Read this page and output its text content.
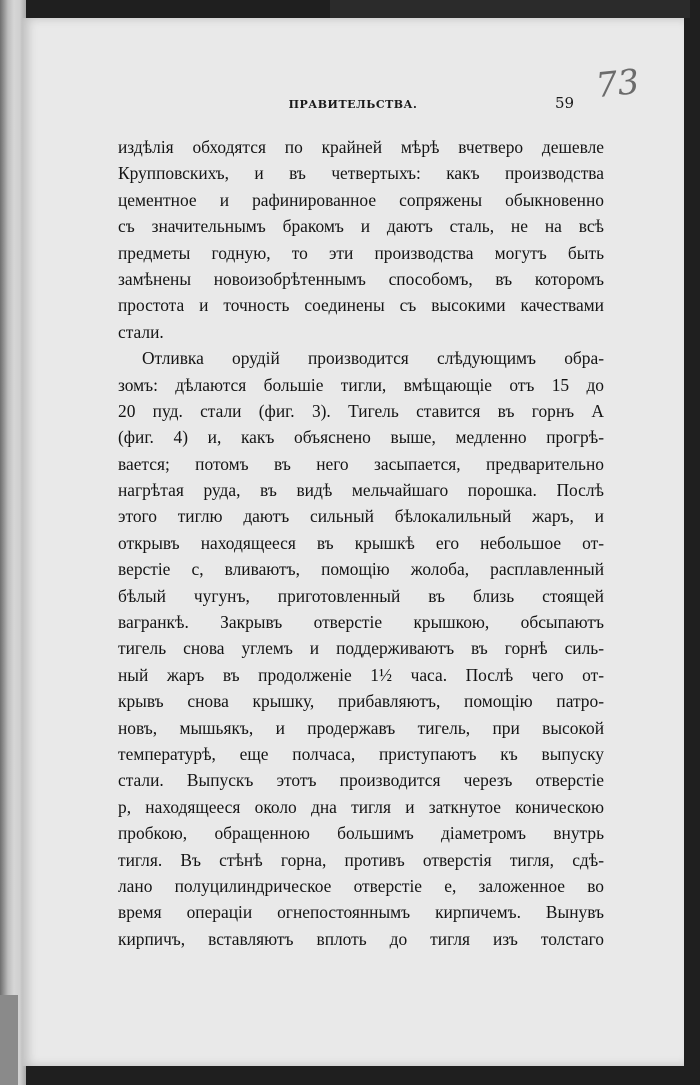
ПРАВИТЕЛЬСТВА.	59 73
издѣлія обходятся по крайней мѣрѣ вчетверо дешевле
Крупповскихъ, и въ четвертыхъ: какъ производства
цементное и рафинированное сопряжены обыкновенно
съ значительнымъ бракомъ и даютъ сталь, не на всѣ
предметы годную, то эти производства могутъ быть
замѣнены новоизобрѣтеннымъ способомъ, въ которомъ
простота и точность соединены съ высокими качествами
стали.
Отливка орудій производится слѣдующимъ обра-
зомъ: дѣлаются большіе тигли, вмѣщающіе отъ 15 до
20 пуд. стали (фиг. 3). Тигель ставится въ горнъ А
(фиг. 4) и, какъ объяснено выше, медленно прогрѣ-
вается; потомъ въ него засыпается, предварительно
нагрѣтая руда, въ видѣ мельчайшаго порошка. Послѣ
этого тиглю даютъ сильный бѣлокалильный жаръ, и
открывъ находящееся въ крышкѣ его небольшое от-
верстіе с, вливаютъ, помощію жолоба, расплавленный
бѣлый чугунъ, приготовленный въ близь стоящей
вагранкѣ. Закрывъ отверстіе крышкою, обсыпаютъ
тигель снова углемъ и поддерживаютъ въ горнѣ силь-
ный жаръ въ продолженіе 1½ часа. Послѣ чего от-
крывъ снова крышку, прибавляютъ, помощію патро-
новъ, мышьякъ, и продержавъ тигель, при высокой
температурѣ, еще полчаса, приступаютъ къ выпуску
стали. Выпускъ этотъ производится черезъ отверстіе
p, находящееся около дна тигля и заткнутое коническою
пробкою, обращенною большимъ діаметромъ внутрь
тигля. Въ стѣнѣ горна, противъ отверстія тигля, сдѣ-
лано полуцилиндрическое отверстіе e, заложенное во
время операціи огнепостояннымъ кирпичемъ. Вынувъ
кирпичъ, вставляютъ вплоть до тигля изъ толстаго
